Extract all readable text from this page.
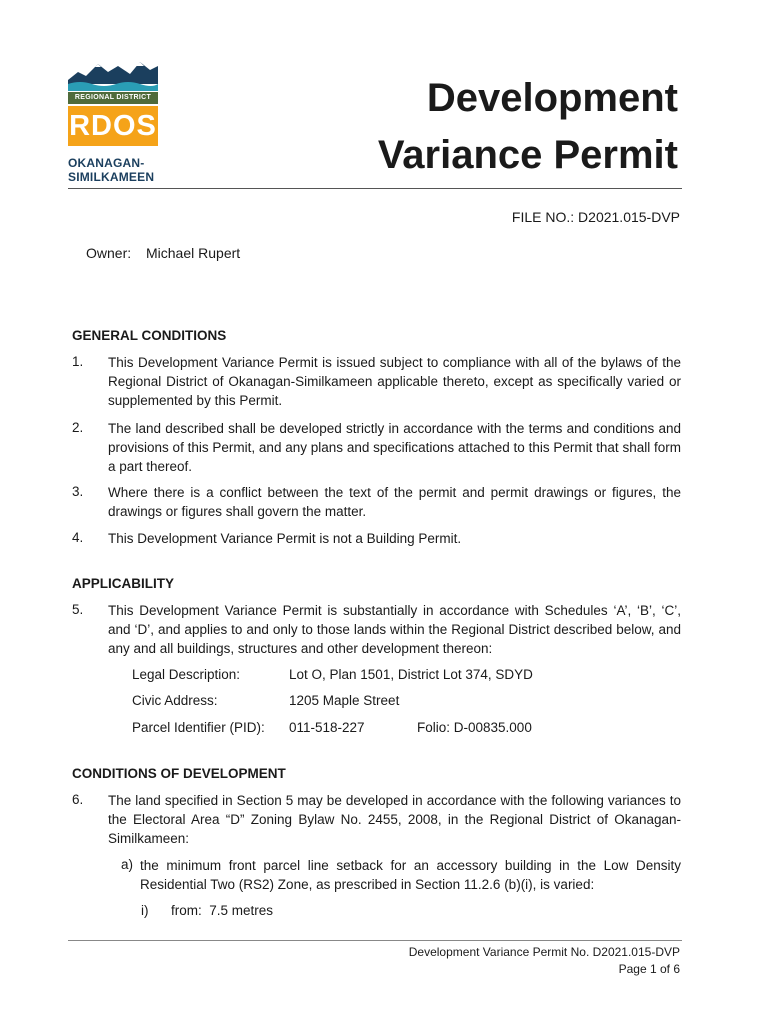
REGIONAL DISTRICT
RDOS
OKANAGAN-
SIMILKAMEEN
Development
Variance Permit
FILE NO.: D2021.015-DVP
Owner: Michael Rupert
GENERAL CONDITIONS
1. This Development Variance Permit is issued subject to compliance with all of the bylaws of the Regional District of Okanagan-Similkameen applicable thereto, except as specifically varied or supplemented by this Permit.
2. The land described shall be developed strictly in accordance with the terms and conditions and provisions of this Permit, and any plans and specifications attached to this Permit that shall form a part thereof.
3. Where there is a conflict between the text of the permit and permit drawings or figures, the drawings or figures shall govern the matter.
4. This Development Variance Permit is not a Building Permit.
APPLICABILITY
5. This Development Variance Permit is substantially in accordance with Schedules ‘A’, ‘B’, ‘C’, and ‘D’, and applies to and only to those lands within the Regional District described below, and any and all buildings, structures and other development thereon:
Legal Description:	Lot O, Plan 1501, District Lot 374, SDYD
Civic Address:	1205 Maple Street
Parcel Identifier (PID): 011-518-227	Folio: D-00835.000
CONDITIONS OF DEVELOPMENT
6. The land specified in Section 5 may be developed in accordance with the following variances to the Electoral Area “D” Zoning Bylaw No. 2455, 2008, in the Regional District of Okanagan-Similkameen:
a) the minimum front parcel line setback for an accessory building in the Low Density Residential Two (RS2) Zone, as prescribed in Section 11.2.6 (b)(i), is varied:
i) from:  7.5 metres
Development Variance Permit No. D2021.015-DVP
Page 1 of 6
